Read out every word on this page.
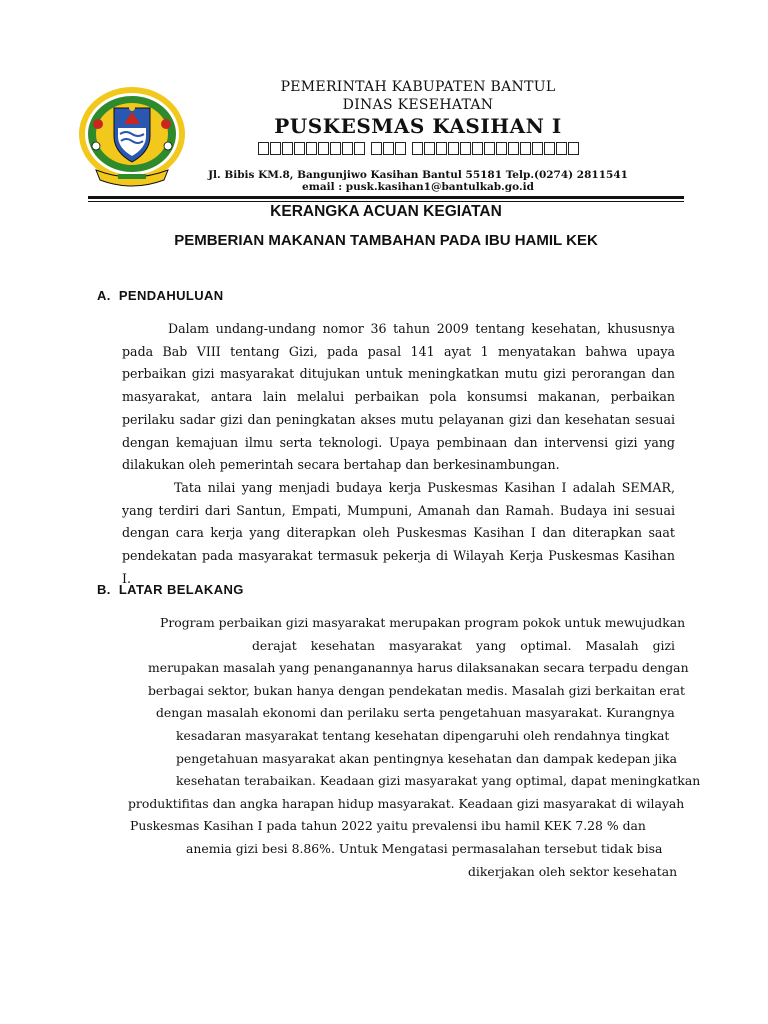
PEMERINTAH KABUPATEN BANTUL
DINAS KESEHATAN
PUSKESMAS KASIHAN I
Jl. Bibis KM.8, Bangunjiwo Kasihan Bantul 55181 Telp.(0274) 2811541
email : pusk.kasihan1@bantulkab.go.id
KERANGKA ACUAN KEGIATAN
PEMBERIAN MAKANAN TAMBAHAN PADA IBU HAMIL KEK
A. PENDAHULUAN
Dalam undang-undang nomor 36 tahun 2009 tentang kesehatan, khususnya pada Bab VIII tentang Gizi, pada pasal 141 ayat 1 menyatakan bahwa upaya perbaikan gizi masyarakat ditujukan untuk meningkatkan mutu gizi perorangan dan masyarakat, antara lain melalui perbaikan pola konsumsi makanan, perbaikan perilaku sadar gizi dan peningkatan akses mutu pelayanan gizi dan kesehatan sesuai dengan kemajuan ilmu serta teknologi. Upaya pembinaan dan intervensi gizi yang dilakukan oleh pemerintah secara bertahap dan berkesinambungan.
Tata nilai yang menjadi budaya kerja Puskesmas Kasihan I adalah SEMAR, yang terdiri dari Santun, Empati, Mumpuni, Amanah dan Ramah. Budaya ini sesuai dengan cara kerja yang diterapkan oleh Puskesmas Kasihan I dan diterapkan saat pendekatan pada masyarakat termasuk pekerja di Wilayah Kerja Puskesmas Kasihan I.
B. LATAR BELAKANG
Program perbaikan gizi masyarakat merupakan program pokok untuk mewujudkan
derajat kesehatan masyarakat yang optimal. Masalah gizi
merupakan masalah yang penanganannya harus dilaksanakan secara terpadu dengan
berbagai sektor, bukan hanya dengan pendekatan medis. Masalah gizi berkaitan erat
dengan masalah ekonomi dan perilaku serta pengetahuan masyarakat. Kurangnya
kesadaran masyarakat tentang kesehatan dipengaruhi oleh rendahnya tingkat
pengetahuan masyarakat akan pentingnya kesehatan dan dampak kedepan jika
kesehatan terabaikan. Keadaan gizi masyarakat yang optimal, dapat meningkatkan
produktifitas dan angka harapan hidup masyarakat. Keadaan gizi masyarakat di wilayah
Puskesmas Kasihan I pada tahun 2022 yaitu prevalensi ibu hamil KEK 7.28 % dan
anemia gizi besi 8.86%. Untuk Mengatasi permasalahan tersebut tidak bisa
dikerjakan oleh sektor kesehatan
